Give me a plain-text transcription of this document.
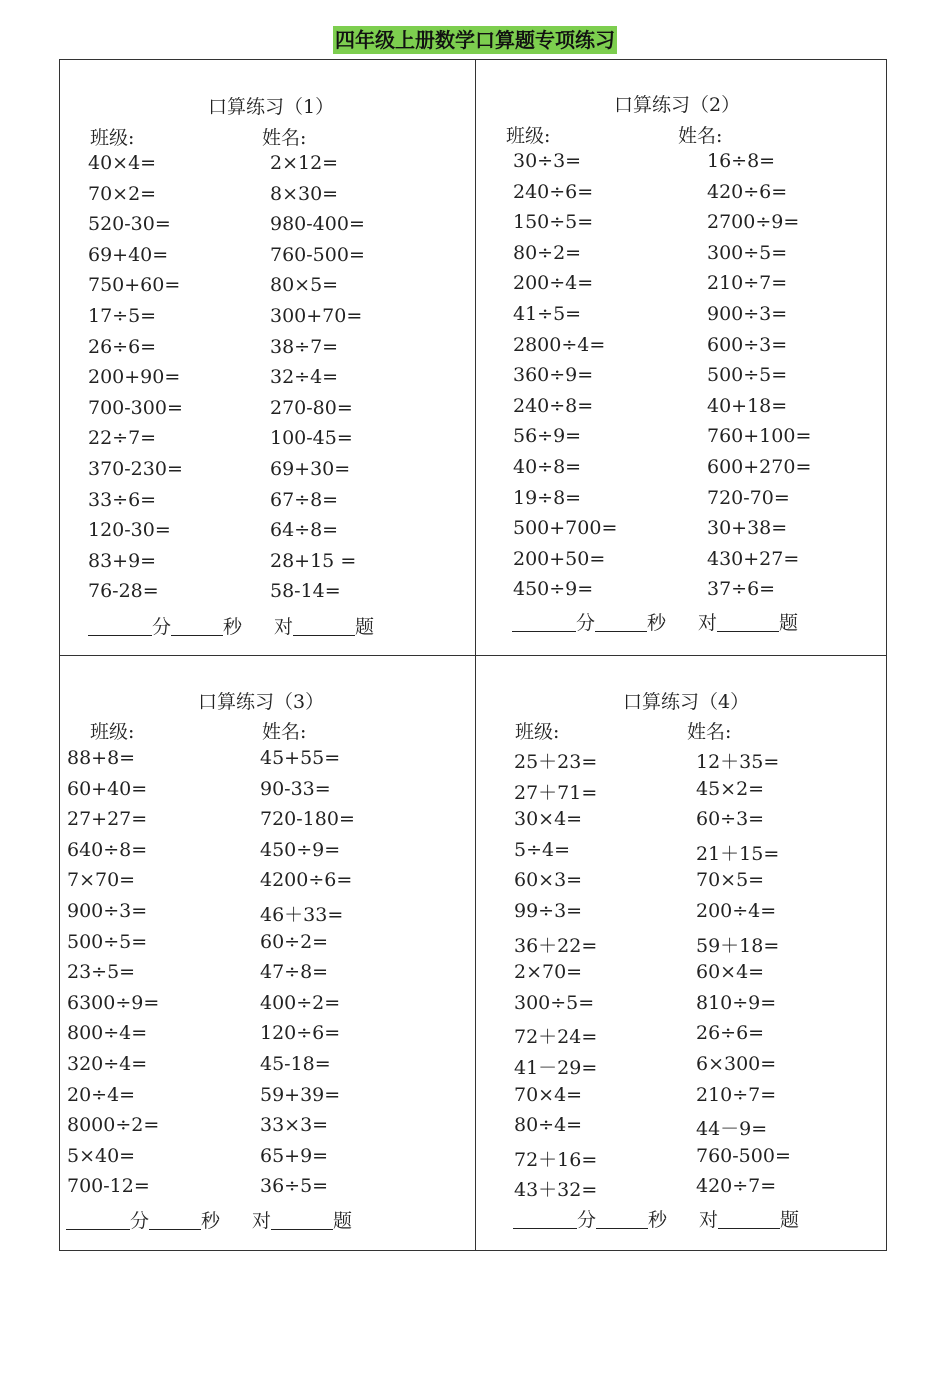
四年级上册数学口算题专项练习
口算练习（1）
班级:	姓名:
40×4=	2×12=
70×2=	8×30=
520-30=	980-400=
69+40=	760-500=
750+60=	80×5=
17÷5=	300+70=
26÷6=	38÷7=
200+90=	32÷4=
700-300=	270-80=
22÷7=	100-45=
370-230=	69+30=
33÷6=	67÷8=
120-30=	64÷8=
83+9=	28+15 =
76-28=	58-14=
分	秒 对	题
口算练习（2）
班级:	姓名:
30÷3=	16÷8=
240÷6=	420÷6=
150÷5=	2700÷9=
80÷2=	300÷5=
200÷4=	210÷7=
41÷5=	900÷3=
2800÷4=	600÷3=
360÷9=	500÷5=
240÷8=	40+18=
56÷9=	760+100=
40÷8=	600+270=
19÷8=	720-70=
500+700=	30+38=
200+50=	430+27=
450÷9=	37÷6=
分	秒 对	题
口算练习（3）
班级:	姓名:
88+8=	45+55=
60+40=	90-33=
27+27=	720-180=
640÷8=	450÷9=
7×70=	4200÷6=
900÷3=	46＋33=
500÷5=	60÷2=
23÷5=	47÷8=
6300÷9=	400÷2=
800÷4=	120÷6=
320÷4=	45-18=
20÷4=	59+39=
8000÷2=	33×3=
5×40=	65+9=
700-12=	36÷5=
分	秒 对	题
口算练习（4）
班级:	姓名:
25＋23=	12＋35=
27＋71=	45×2=
30×4=	60÷3=
5÷4=	21＋15=
60×3=	70×5=
99÷3=	200÷4=
36＋22=	59＋18=
2×70=	60×4=
300÷5=	810÷9=
72＋24=	26÷6=
41－29=	6×300=
70×4=	210÷7=
80÷4=	44－9=
72＋16=	760-500=
43＋32=	420÷7=
分	秒 对	题
